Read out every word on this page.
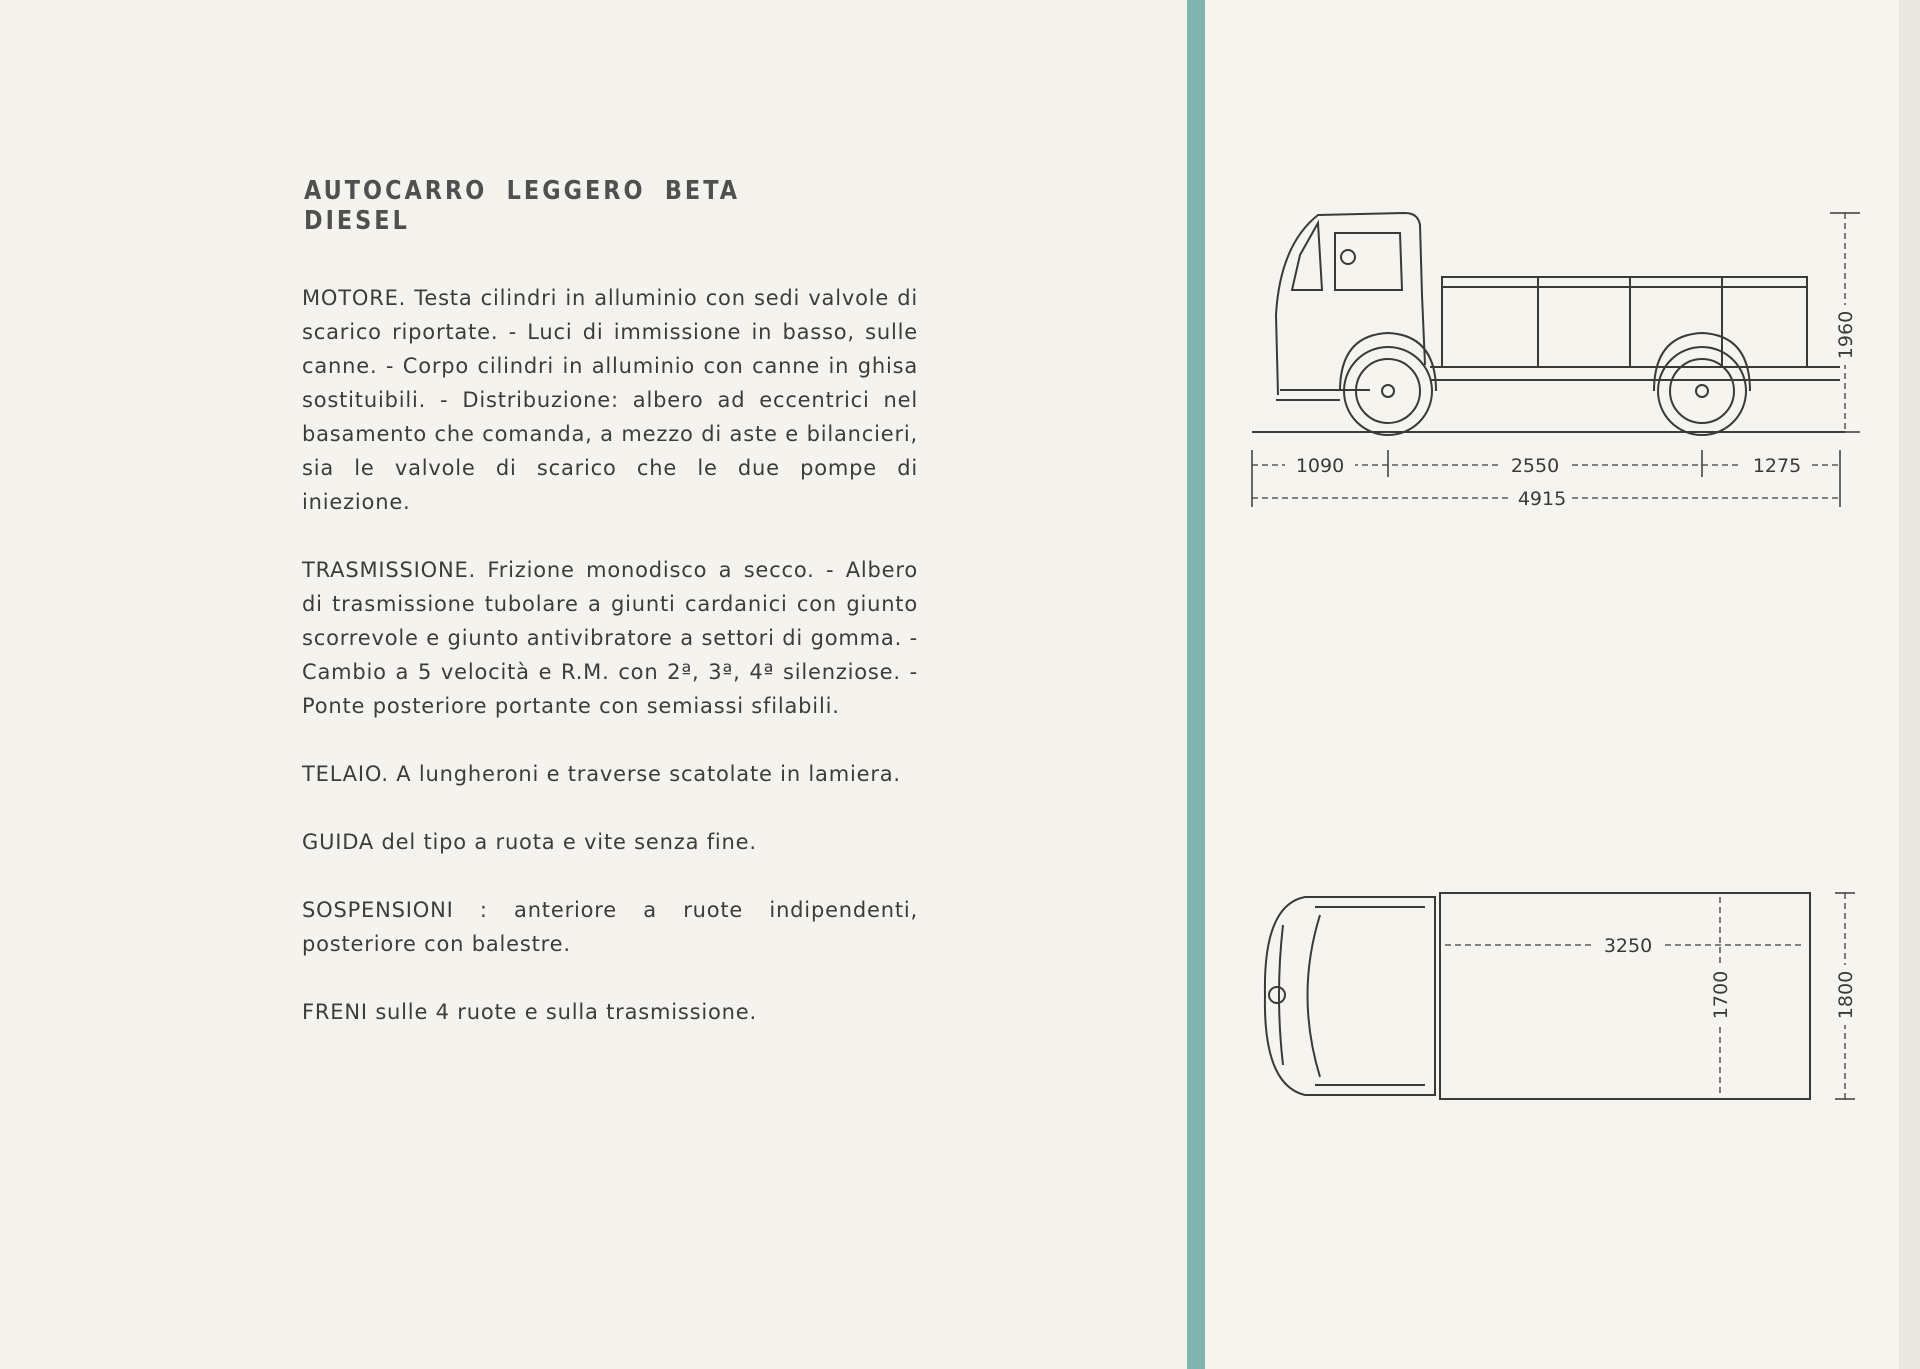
AUTOCARRO LEGGERO BETA DIESEL

MOTORE. Testa cilindri in alluminio con sedi valvole di scarico riportate. - Luci di immissione in basso, sulle canne. - Corpo cilindri in alluminio con canne in ghisa sostituibili. - Distribuzione: albero ad eccentrici nel basamento che comanda, a mezzo di aste e bilancieri, sia le valvole di scarico che le due pompe di iniezione.

TRASMISSIONE. Frizione monodisco a secco. - Albero di trasmissione tubolare a giunti cardanici con giunto scorrevole e giunto antivibratore a settori di gomma. - Cambio a 5 velocità e R.M. con 2ª, 3ª, 4ª silenziose. - Ponte posteriore portante con semiassi sfilabili.

TELAIO. A lungheroni e traverse scatolate in lamiera.

GUIDA del tipo a ruota e vite senza fine.

SOSPENSIONI : anteriore a ruote indipendenti, posteriore con balestre.

FRENI sulle 4 ruote e sulla trasmissione.

1090	2550	1275
4915
1960
3250
1700	1800
